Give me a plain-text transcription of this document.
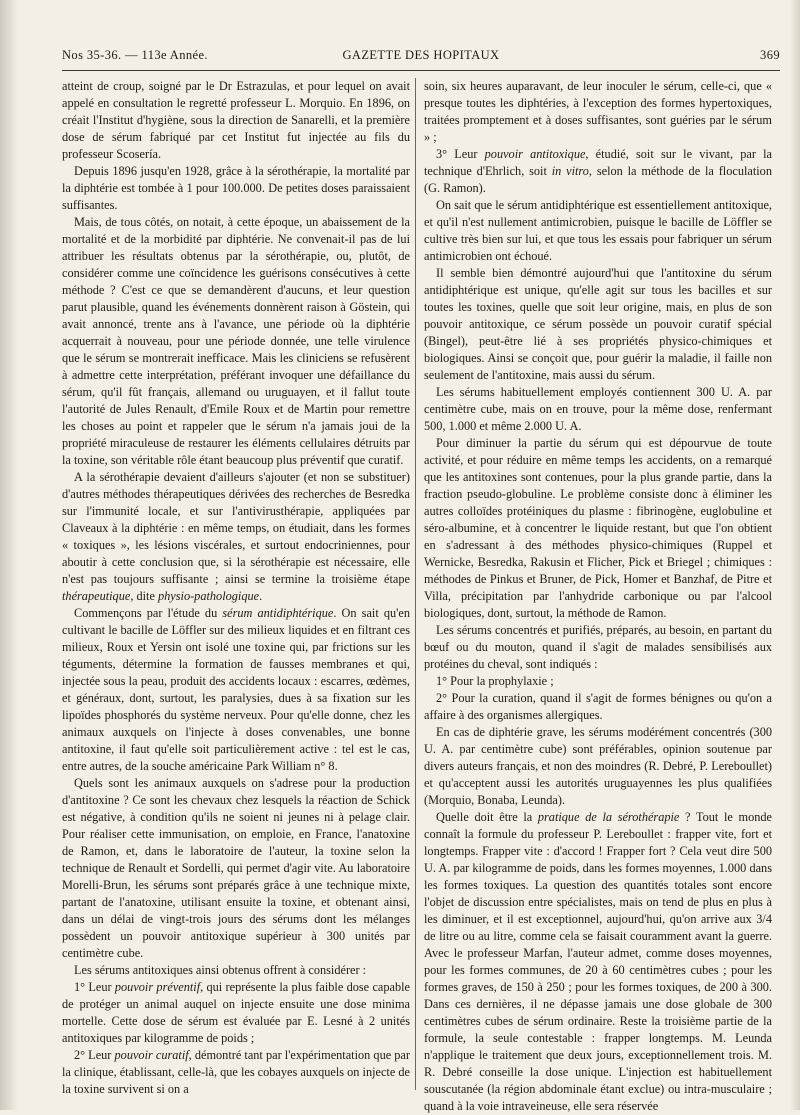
Nos 35-36. — 113e Année.	GAZETTE DES HOPITAUX	369

atteint de croup, soigné par le Dr Estrazulas, et pour lequel on avait appelé en consultation le regretté professeur L. Morquio. En 1896, on créait l'Institut d'hygiène, sous la direction de Sanarelli, et la première dose de sérum fabriqué par cet Institut fut injectée au fils du professeur Scosería.

Depuis 1896 jusqu'en 1928, grâce à la sérothérapie, la mortalité par la diphtérie est tombée à 1 pour 100.000. De petites doses paraissaient suffisantes.

Mais, de tous côtés, on notait, à cette époque, un abaissement de la mortalité et de la morbidité par diphtérie. Ne convenait-il pas de lui attribuer les résultats obtenus par la sérothérapie, ou, plutôt, de considérer comme une coïncidence les guérisons consécutives à cette méthode ? C'est ce que se demandèrent d'aucuns, et leur question parut plausible, quand les événements donnèrent raison à Göstein, qui avait annoncé, trente ans à l'avance, une période où la diphtérie acquerrait à nouveau, pour une période donnée, une telle virulence que le sérum se montrerait inefficace. Mais les cliniciens se refusèrent à admettre cette interprétation, préférant invoquer une défaillance du sérum, qu'il fût français, allemand ou uruguayen, et il fallut toute l'autorité de Jules Renault, d'Emile Roux et de Martin pour remettre les choses au point et rappeler que le sérum n'a jamais joui de la propriété miraculeuse de restaurer les éléments cellulaires détruits par la toxine, son véritable rôle étant beaucoup plus préventif que curatif.

A la sérothérapie devaient d'ailleurs s'ajouter (et non se substituer) d'autres méthodes thérapeutiques dérivées des recherches de Besredka sur l'immunité locale, et sur l'antivirusthérapie, appliquées par Claveaux à la diphtérie : en même temps, on étudiait, dans les formes « toxiques », les lésions viscérales, et surtout endocriniennes, pour aboutir à cette conclusion que, si la sérothérapie est nécessaire, elle n'est pas toujours suffisante ; ainsi se termine la troisième étape thérapeutique, dite physio-pathologique.

Commençons par l'étude du sérum antidiphtérique. On sait qu'en cultivant le bacille de Löffler sur des milieux liquides et en filtrant ces milieux, Roux et Yersin ont isolé une toxine qui, par frictions sur les téguments, détermine la formation de fausses membranes et qui, injectée sous la peau, produit des accidents locaux : escarres, œdèmes, et généraux, dont, surtout, les paralysies, dues à sa fixation sur les lipoïdes phosphorés du système nerveux. Pour qu'elle donne, chez les animaux auxquels on l'injecte à doses convenables, une bonne antitoxine, il faut qu'elle soit particulièrement active : tel est le cas, entre autres, de la souche américaine Park William n° 8.

Quels sont les animaux auxquels on s'adrese pour la production d'antitoxine ? Ce sont les chevaux chez lesquels la réaction de Schick est négative, à condition qu'ils ne soient ni jeunes ni à pelage clair. Pour réaliser cette immunisation, on emploie, en France, l'anatoxine de Ramon, et, dans le laboratoire de l'auteur, la toxine selon la technique de Renault et Sordelli, qui permet d'agir vite. Au laboratoire Morelli-Brun, les sérums sont préparés grâce à une technique mixte, partant de l'anatoxine, utilisant ensuite la toxine, et obtenant ainsi, dans un délai de vingt-trois jours des sérums dont les mélanges possèdent un pouvoir antitoxique supérieur à 300 unités par centimètre cube.

Les sérums antitoxiques ainsi obtenus offrent à considérer :

1° Leur pouvoir préventif, qui représente la plus faible dose capable de protéger un animal auquel on injecte ensuite une dose minima mortelle. Cette dose de sérum est évaluée par E. Lesné à 2 unités antitoxiques par kilogramme de poids ;

2° Leur pouvoir curatif, démontré tant par l'expérimentation que par la clinique, établissant, celle-là, que les cobayes auxquels on injecte de la toxine survivent si on a

soin, six heures auparavant, de leur inoculer le sérum, celle-ci, que « presque toutes les diphtéries, à l'exception des formes hypertoxiques, traitées promptement et à doses suffisantes, sont guéries par le sérum » ;

3° Leur pouvoir antitoxique, étudié, soit sur le vivant, par la technique d'Ehrlich, soit in vitro, selon la méthode de la floculation (G. Ramon).

On sait que le sérum antidiphtérique est essentiellement antitoxique, et qu'il n'est nullement antimicrobien, puisque le bacille de Löffler se cultive très bien sur lui, et que tous les essais pour fabriquer un sérum antimicrobien ont échoué.

Il semble bien démontré aujourd'hui que l'antitoxine du sérum antidiphtérique est unique, qu'elle agit sur tous les bacilles et sur toutes les toxines, quelle que soit leur origine, mais, en plus de son pouvoir antitoxique, ce sérum possède un pouvoir curatif spécial (Bingel), peut-être lié à ses propriétés physico-chimiques et biologiques. Ainsi se conçoit que, pour guérir la maladie, il faille non seulement de l'antitoxine, mais aussi du sérum.

Les sérums habituellement employés contiennent 300 U. A. par centimètre cube, mais on en trouve, pour la même dose, renfermant 500, 1.000 et même 2.000 U. A.

Pour diminuer la partie du sérum qui est dépourvue de toute activité, et pour réduire en même temps les accidents, on a remarqué que les antitoxines sont contenues, pour la plus grande partie, dans la fraction pseudo-globuline. Le problème consiste donc à éliminer les autres colloïdes protéiniques du plasme : fibrinogène, euglobuline et séro-albumine, et à concentrer le liquide restant, but que l'on obtient en s'adressant à des méthodes physico-chimiques (Ruppel et Wernicke, Besredka, Rakusin et Flicher, Pick et Briegel ; chimiques : méthodes de Pinkus et Bruner, de Pick, Homer et Banzhaf, de Pitre et Villa, précipitation par l'anhydride carbonique ou par l'alcool biologiques, dont, surtout, la méthode de Ramon.

Les sérums concentrés et purifiés, préparés, au besoin, en partant du bœuf ou du mouton, quand il s'agit de malades sensibilisés aux protéines du cheval, sont indiqués :

1° Pour la prophylaxie ;

2° Pour la curation, quand il s'agit de formes bénignes ou qu'on a affaire à des organismes allergiques.

En cas de diphtérie grave, les sérums modérément concentrés (300 U. A. par centimètre cube) sont préférables, opinion soutenue par divers auteurs français, et non des moindres (R. Debré, P. Lereboullet) et qu'acceptent aussi les autorités uruguayennes les plus qualifiées (Morquio, Bonaba, Leunda).

Quelle doit être la pratique de la sérothérapie ? Tout le monde connaît la formule du professeur P. Lereboullet : frapper vite, fort et longtemps. Frapper vite : d'accord ! Frapper fort ? Cela veut dire 500 U. A. par kilogramme de poids, dans les formes moyennes, 1.000 dans les formes toxiques. La question des quantités totales sont encore l'objet de discussion entre spécialistes, mais on tend de plus en plus à les diminuer, et il est exceptionnel, aujourd'hui, qu'on arrive aux 3/4 de litre ou au litre, comme cela se faisait couramment avant la guerre. Avec le professeur Marfan, l'auteur admet, comme doses moyennes, pour les formes communes, de 20 à 60 centimètres cubes ; pour les formes graves, de 150 à 250 ; pour les formes toxiques, de 200 à 300. Dans ces dernières, il ne dépasse jamais une dose globale de 300 centimètres cubes de sérum ordinaire. Reste la troisième partie de la formule, la seule contestable : frapper longtemps. M. Leunda n'applique le traitement que deux jours, exceptionnellement trois. M. R. Debré conseille la dose unique. L'injection est habituellement souscutanée (la région abdominale étant exclue) ou intra-musculaire ; quand à la voie intraveineuse, elle sera réservée
